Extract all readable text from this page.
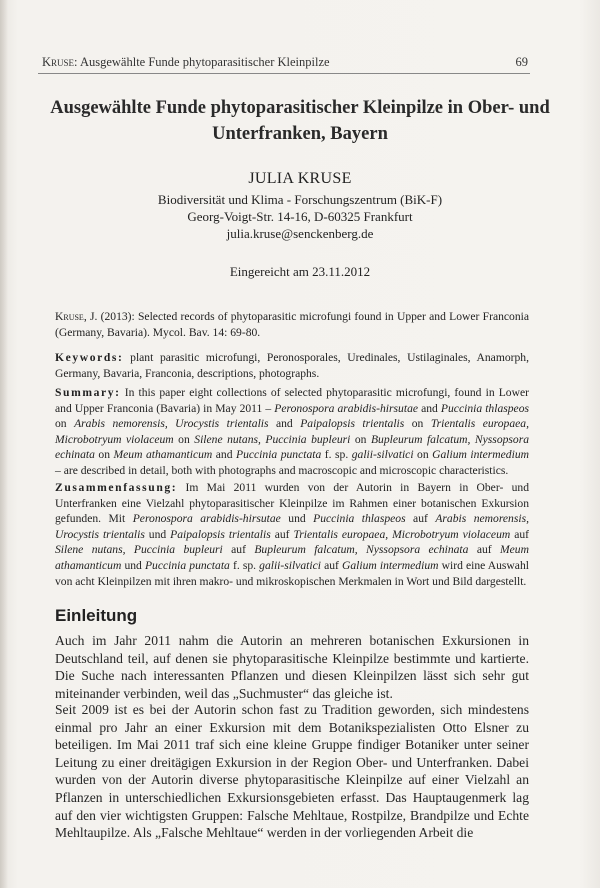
Kruse: Ausgewählte Funde phytoparasitischer Kleinpilze	69
Ausgewählte Funde phytoparasitischer Kleinpilze in Ober- und Unterfranken, Bayern
JULIA KRUSE
Biodiversität und Klima - Forschungszentrum (BiK-F)
Georg-Voigt-Str. 14-16, D-60325 Frankfurt
julia.kruse@senckenberg.de
Eingereicht am 23.11.2012
Kruse, J. (2013): Selected records of phytoparasitic microfungi found in Upper and Lower Franconia (Germany, Bavaria). Mycol. Bav. 14: 69-80.
Keywords: plant parasitic microfungi, Peronosporales, Uredinales, Ustilaginales, Anamorph, Germany, Bavaria, Franconia, descriptions, photographs.
Summary: In this paper eight collections of selected phytoparasitic microfungi, found in Lower and Upper Franconia (Bavaria) in May 2011 – Peronospora arabidis-hirsutae and Puccinia thlaspeos on Arabis nemorensis, Urocystis trientalis and Paipalopsis trientalis on Trientalis europaea, Microbotryum violaceum on Silene nutans, Puccinia bupleuri on Bupleurum falcatum, Nyssopsora echinata on Meum athamanticum and Puccinia punctata f. sp. galii-silvatici on Galium intermedium – are described in detail, both with photographs and macroscopic and microscopic characteristics.
Zusammenfassung: Im Mai 2011 wurden von der Autorin in Bayern in Ober- und Unterfranken eine Vielzahl phytoparasitischer Kleinpilze im Rahmen einer botanischen Exkursion gefunden. Mit Peronospora arabidis-hirsutae und Puccinia thlaspeos auf Arabis nemorensis, Urocystis trientalis und Paipalopsis trientalis auf Trientalis europaea, Microbotryum violaceum auf Silene nutans, Puccinia bupleuri auf Bupleurum falcatum, Nyssopsora echinata auf Meum athamanticum und Puccinia punctata f. sp. galii-silvatici auf Galium intermedium wird eine Auswahl von acht Kleinpilzen mit ihren makro- und mikroskopischen Merkmalen in Wort und Bild dargestellt.
Einleitung

Auch im Jahr 2011 nahm die Autorin an mehreren botanischen Exkursionen in Deutschland teil, auf denen sie phytoparasitische Kleinpilze bestimmte und kartierte. Die Suche nach interessanten Pflanzen und diesen Kleinpilzen lässt sich sehr gut miteinander verbinden, weil das „Suchmuster“ das gleiche ist.

Seit 2009 ist es bei der Autorin schon fast zu Tradition geworden, sich mindestens einmal pro Jahr an einer Exkursion mit dem Botanikspezialisten Otto Elsner zu beteiligen. Im Mai 2011 traf sich eine kleine Gruppe findiger Botaniker unter seiner Leitung zu einer dreitägigen Exkursion in der Region Ober- und Unterfranken. Dabei wurden von der Autorin diverse phytoparasitische Kleinpilze auf einer Vielzahl an Pflanzen in unterschiedlichen Exkursionsgebieten erfasst. Das Hauptaugenmerk lag auf den vier wichtigsten Gruppen: Falsche Mehltaue, Rostpilze, Brandpilze und Echte Mehltaupilze. Als „Falsche Mehltaue“ werden in der vorliegenden Arbeit die
